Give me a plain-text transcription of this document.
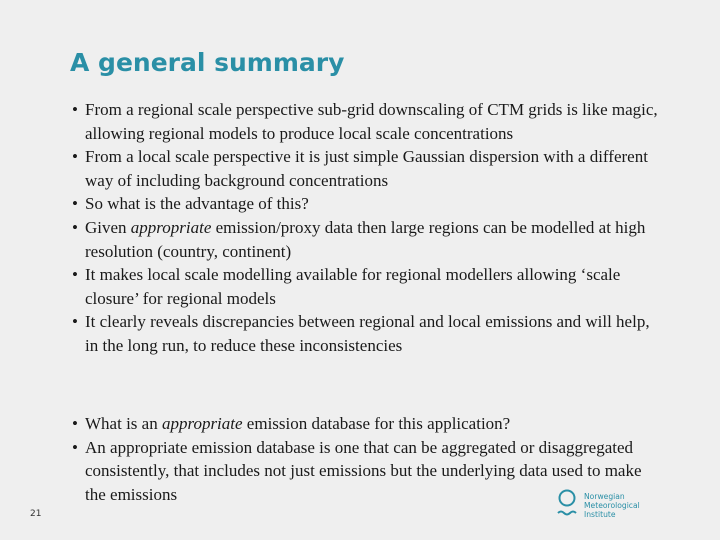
A general summary
• From a regional scale perspective sub-grid downscaling of CTM grids is like magic, allowing regional models to produce local scale concentrations
• From a local scale perspective it is just simple Gaussian dispersion with a different way of including background concentrations
• So what is the advantage of this?
• Given appropriate emission/proxy data then large regions can be modelled at high resolution (country, continent)
• It makes local scale modelling available for regional modellers allowing ‘scale closure’ for regional models
• It clearly reveals discrepancies between regional and local emissions and will help, in the long run, to reduce these inconsistencies
• What is an appropriate emission database for this application?
• An appropriate emission database is one that can be aggregated or disaggregated consistently, that includes not just emissions but the underlying data used to make the emissions
21
Norwegian
Meteorological
Institute
